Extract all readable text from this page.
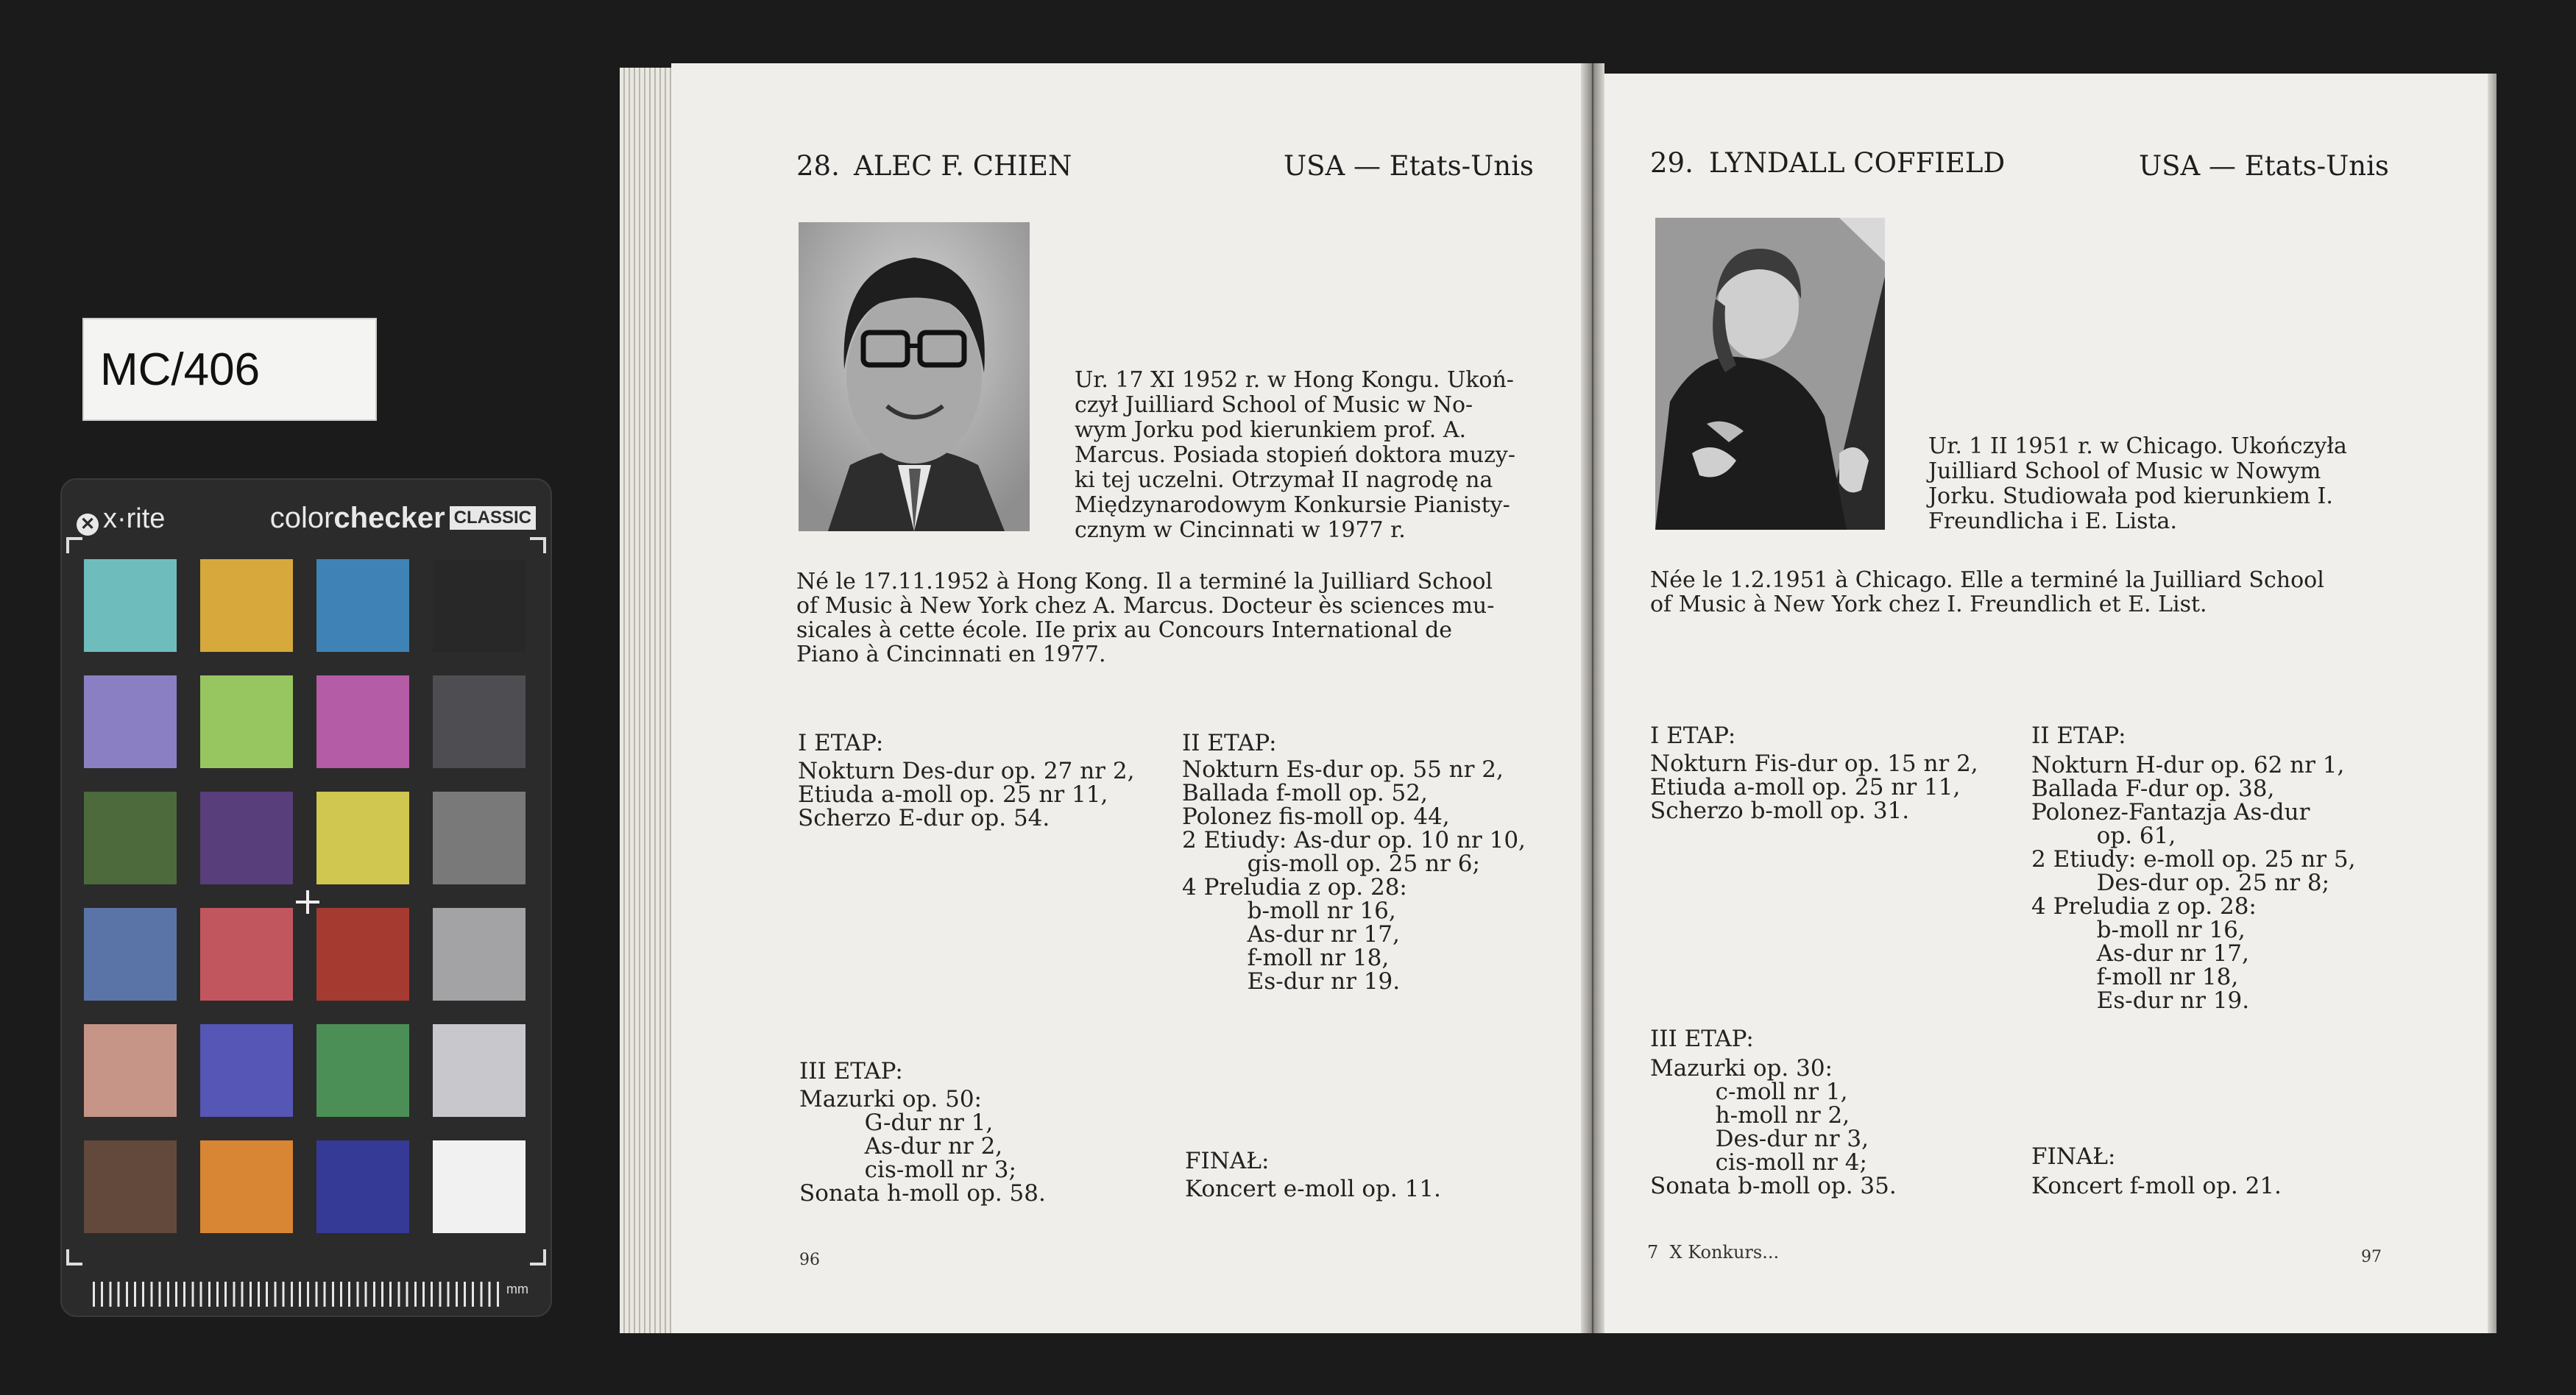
MC/406
✕ x·rite	colorchecker CLASSIC
mm
28. ALEC F. CHIEN	USA — Etats-Unis
Ur. 17 XI 1952 r. w Hong Kongu. Ukoń-
czył Juilliard School of Music w No-
wym Jorku pod kierunkiem prof. A.
Marcus. Posiada stopień doktora muzy-
ki tej uczelni. Otrzymał II nagrodę na
Międzynarodowym Konkursie Pianisty-
cznym w Cincinnati w 1977 r.
Né le 17.11.1952 à Hong Kong. Il a terminé la Juilliard School
of Music à New York chez A. Marcus. Docteur ès sciences mu-
sicales à cette école. IIe prix au Concours International de
Piano à Cincinnati en 1977.
I ETAP:
Nokturn Des-dur op. 27 nr 2,
Etiuda a-moll op. 25 nr 11,
Scherzo E-dur op. 54.
II ETAP:
Nokturn Es-dur op. 55 nr 2,
Ballada f-moll op. 52,
Polonez fis-moll op. 44,
2 Etiudy: As-dur op. 10 nr 10,
gis-moll op. 25 nr 6;
4 Preludia z op. 28:
b-moll nr 16,
As-dur nr 17,
f-moll nr 18,
Es-dur nr 19.
III ETAP:
Mazurki op. 50:
G-dur nr 1,
As-dur nr 2,
cis-moll nr 3;
Sonata h-moll op. 58.
FINAŁ:
Koncert e-moll op. 11.
96
29. LYNDALL COFFIELD	USA — Etats-Unis
Ur. 1 II 1951 r. w Chicago. Ukończyła
Juilliard School of Music w Nowym
Jorku. Studiowała pod kierunkiem I.
Freundlicha i E. Lista.
Née le 1.2.1951 à Chicago. Elle a terminé la Juilliard School
of Music à New York chez I. Freundlich et E. List.
I ETAP:
Nokturn Fis-dur op. 15 nr 2,
Etiuda a-moll op. 25 nr 11,
Scherzo b-moll op. 31.
II ETAP:
Nokturn H-dur op. 62 nr 1,
Ballada F-dur op. 38,
Polonez-Fantazja As-dur
op. 61,
2 Etiudy: e-moll op. 25 nr 5,
Des-dur op. 25 nr 8;
4 Preludia z op. 28:
b-moll nr 16,
As-dur nr 17,
f-moll nr 18,
Es-dur nr 19.
III ETAP:
Mazurki op. 30:
c-moll nr 1,
h-moll nr 2,
Des-dur nr 3,
cis-moll nr 4;
Sonata b-moll op. 35.
FINAŁ:
Koncert f-moll op. 21.
7  X Konkurs...	97
